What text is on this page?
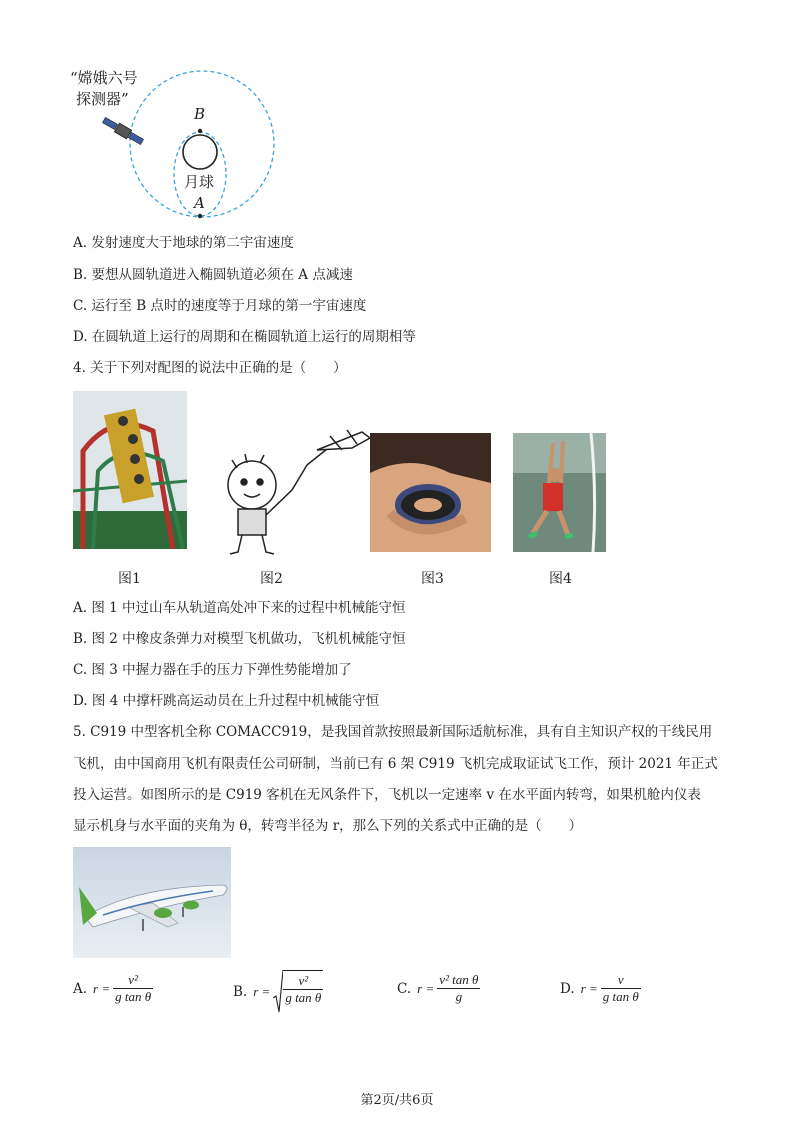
“嫦娥六号
探测器”
B
月球
A
A. 发射速度大于地球的第二宇宙速度
B. 要想从圆轨道进入椭圆轨道必须在 A 点减速
C. 运行至 B 点时的速度等于月球的第一宇宙速度
D. 在圆轨道上运行的周期和在椭圆轨道上运行的周期相等
4. 关于下列对配图的说法中正确的是（　　）
图1	图2	图3	图4
A. 图 1 中过山车从轨道高处冲下来的过程中机械能守恒
B. 图 2 中橡皮条弹力对模型飞机做功，飞机机械能守恒
C. 图 3 中握力器在手的压力下弹性势能增加了
D. 图 4 中撑杆跳高运动员在上升过程中机械能守恒
5. C919 中型客机全称 COMACC919，是我国首款按照最新国际适航标准，具有自主知识产权的干线民用
飞机，由中国商用飞机有限责任公司研制，当前已有 6 架 C919 飞机完成取证试飞工作，预计 2021 年正式
投入运营。如图所示的是 C919 客机在无风条件下，飞机以一定速率 v 在水平面内转弯，如果机舱内仪表
显示机身与水平面的夹角为 θ，转弯半径为 r，那么下列的关系式中正确的是（　　）
A. $r = \frac{\text{v²}}{\text{g tan θ}}$	B. $r = \frac{\text{v²}}{\text{g tan θ}}$	C. $r = \frac{\text{v² tan θ}}{g}$	D. $r = \frac{v}{\text{g tan θ}}$
第2页/共6页
